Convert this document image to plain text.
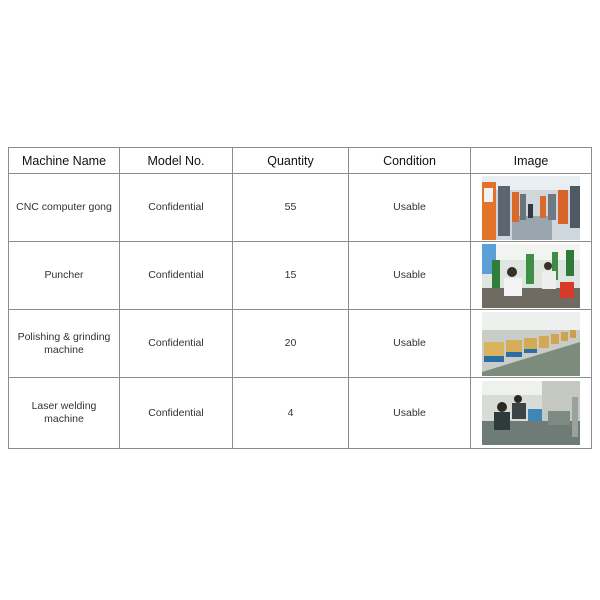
Machine Name	Model No.	Quantity	Condition	Image
CNC computer gong	Confidential	55	Usable	

Puncher	Confidential	15	Usable	

Polishing & grinding machine	Confidential	20	Usable	

Laser welding machine	Confidential	4	Usable	
